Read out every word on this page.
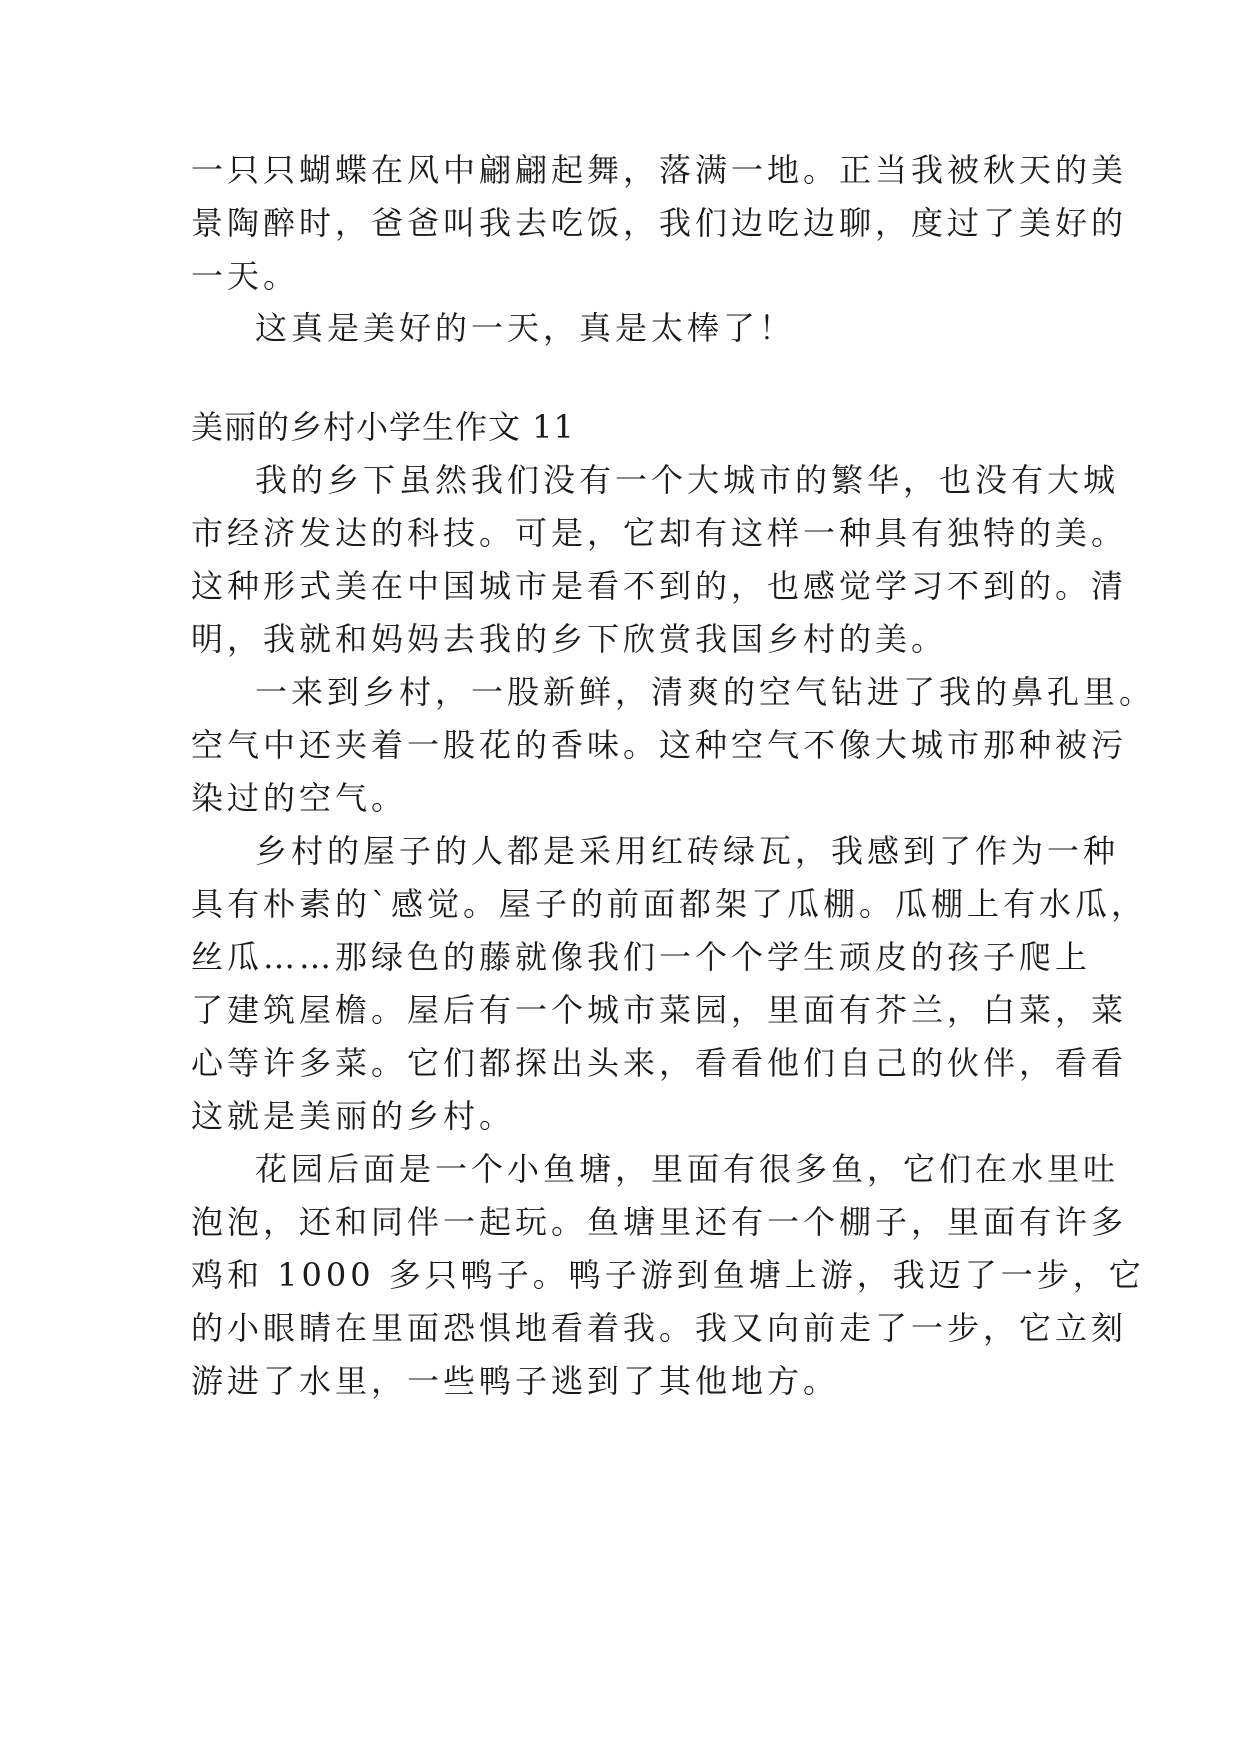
一只只蝴蝶在风中翩翩起舞，落满一地。正当我被秋天的美
景陶醉时，爸爸叫我去吃饭，我们边吃边聊，度过了美好的
一天。
这真是美好的一天，真是太棒了！
美丽的乡村小学生作文 11
我的乡下虽然我们没有一个大城市的繁华，也没有大城
市经济发达的科技。可是，它却有这样一种具有独特的美。
这种形式美在中国城市是看不到的，也感觉学习不到的。清
明，我就和妈妈去我的乡下欣赏我国乡村的美。
一来到乡村，一股新鲜，清爽的空气钻进了我的鼻孔里。
空气中还夹着一股花的香味。这种空气不像大城市那种被污
染过的空气。
乡村的屋子的人都是采用红砖绿瓦，我感到了作为一种
具有朴素的`感觉。屋子的前面都架了瓜棚。瓜棚上有水瓜，
丝瓜……那绿色的藤就像我们一个个学生顽皮的孩子爬上
了建筑屋檐。屋后有一个城市菜园，里面有芥兰，白菜，菜
心等许多菜。它们都探出头来，看看他们自己的伙伴，看看
这就是美丽的乡村。
花园后面是一个小鱼塘，里面有很多鱼，它们在水里吐
泡泡，还和同伴一起玩。鱼塘里还有一个棚子，里面有许多
鸡和 1000 多只鸭子。鸭子游到鱼塘上游，我迈了一步，它
的小眼睛在里面恐惧地看着我。我又向前走了一步，它立刻
游进了水里，一些鸭子逃到了其他地方。
